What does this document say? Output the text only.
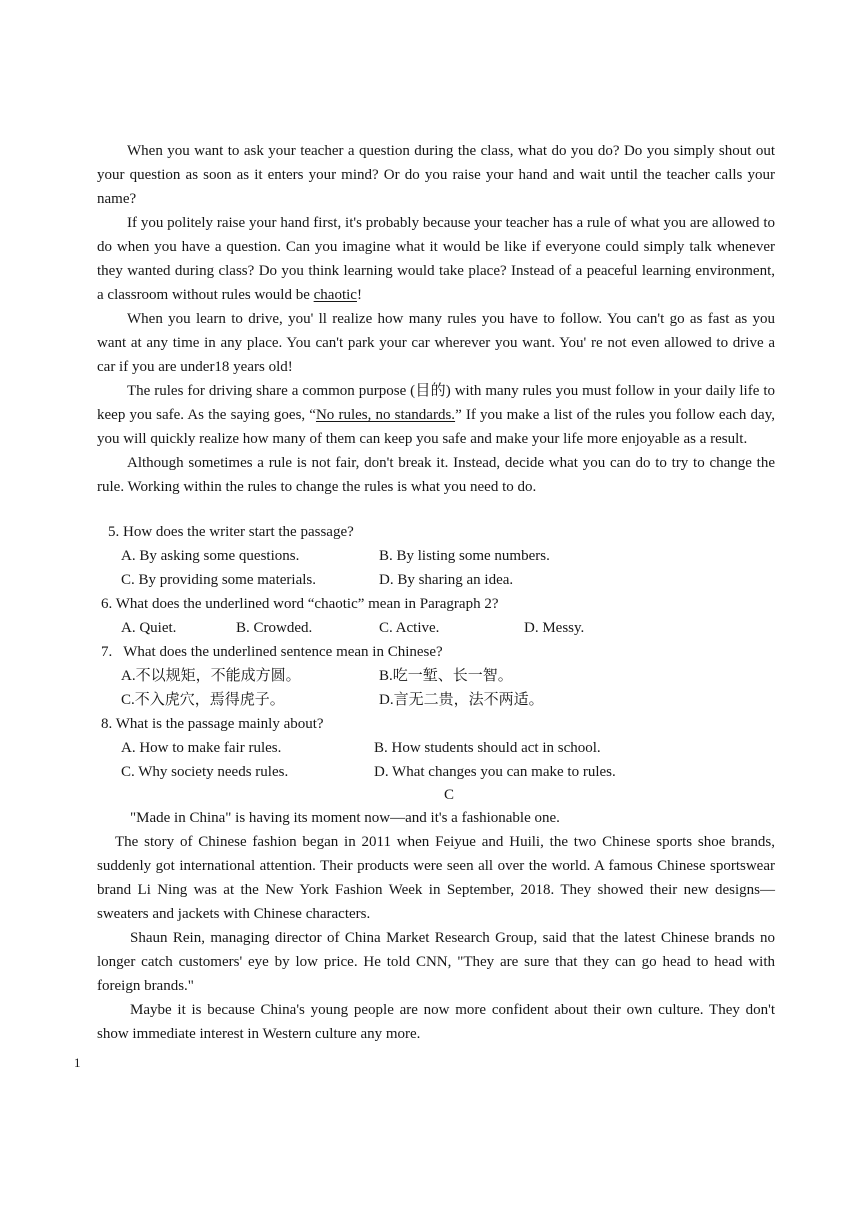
When you want to ask your teacher a question during the class, what do you do? Do you simply shout out your question as soon as it enters your mind? Or do you raise your hand and wait until the teacher calls your name?

If you politely raise your hand first, it's probably because your teacher has a rule of what you are allowed to do when you have a question. Can you imagine what it would be like if everyone could simply talk whenever they wanted during class? Do you think learning would take place? Instead of a peaceful learning environment, a classroom without rules would be chaotic!

When you learn to drive, you' ll realize how many rules you have to follow. You can't go as fast as you want at any time in any place. You can't park your car wherever you want. You' re not even allowed to drive a car if you are under18 years old!

The rules for driving share a common purpose (目的) with many rules you must follow in your daily life to keep you safe. As the saying goes, “No rules, no standards.” If you make a list of the rules you follow each day, you will quickly realize how many of them can keep you safe and make your life more enjoyable as a result.

Although sometimes a rule is not fair, don't break it. Instead, decide what you can do to try to change the rule. Working within the rules to change the rules is what you need to do.

5. How does the writer start the passage?
A. By asking some questions.	B. By listing some numbers.
C. By providing some materials.	D. By sharing an idea.
6. What does the underlined word “chaotic” mean in Paragraph 2?
A. Quiet.	B. Crowded.	C. Active.	D. Messy.
7.   What does the underlined sentence mean in Chinese?
A.不以规矩，不能成方圆。	B.吃一堑、长一智。
C.不入虎穴，焉得虎子。	D.言无二贵，法不两适。
8. What is the passage mainly about?
A. How to make fair rules.	B. How students should act in school.
C. Why society needs rules.	D. What changes you can make to rules.
C
"Made in China" is having its moment now—and it's a fashionable one.

The story of Chinese fashion began in 2011 when Feiyue and Huili, the two Chinese sports shoe brands, suddenly got international attention. Their products were seen all over the world. A famous Chinese sportswear brand Li Ning was at the New York Fashion Week in September, 2018. They showed their new designs—sweaters and jackets with Chinese characters.

Shaun Rein, managing director of China Market Research Group, said that the latest Chinese brands no longer catch customers' eye by low price. He told CNN, "They are sure that they can go head to head with foreign brands."

Maybe it is because China's young people are now more confident about their own culture. They don't show immediate interest in Western culture any more.

1
